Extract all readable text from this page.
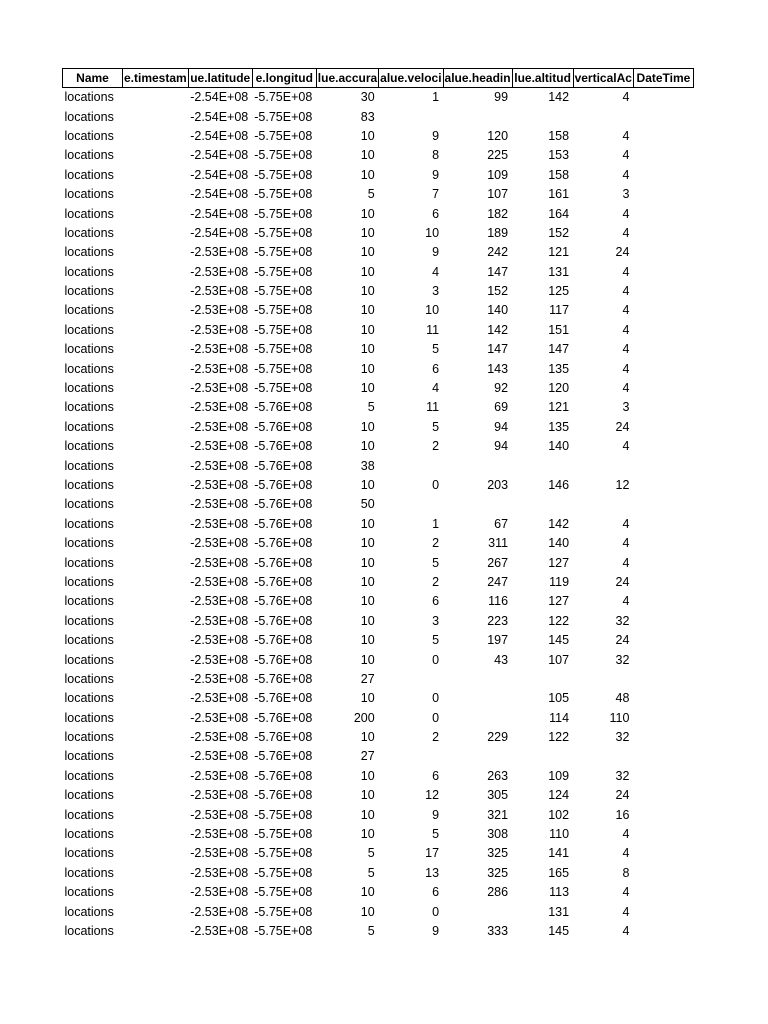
Name	e.timestam	ue.latitude	e.longitud	lue.accura	alue.veloci	alue.headin	lue.altitud	verticalAc	DateTime
locations		-2.54E+08	-5.75E+08	30	1	99	142	4	
locations		-2.54E+08	-5.75E+08	83					
locations		-2.54E+08	-5.75E+08	10	9	120	158	4	
locations		-2.54E+08	-5.75E+08	10	8	225	153	4	
locations		-2.54E+08	-5.75E+08	10	9	109	158	4	
locations		-2.54E+08	-5.75E+08	5	7	107	161	3	
locations		-2.54E+08	-5.75E+08	10	6	182	164	4	
locations		-2.54E+08	-5.75E+08	10	10	189	152	4	
locations		-2.53E+08	-5.75E+08	10	9	242	121	24	
locations		-2.53E+08	-5.75E+08	10	4	147	131	4	
locations		-2.53E+08	-5.75E+08	10	3	152	125	4	
locations		-2.53E+08	-5.75E+08	10	10	140	117	4	
locations		-2.53E+08	-5.75E+08	10	11	142	151	4	
locations		-2.53E+08	-5.75E+08	10	5	147	147	4	
locations		-2.53E+08	-5.75E+08	10	6	143	135	4	
locations		-2.53E+08	-5.75E+08	10	4	92	120	4	
locations		-2.53E+08	-5.76E+08	5	11	69	121	3	
locations		-2.53E+08	-5.76E+08	10	5	94	135	24	
locations		-2.53E+08	-5.76E+08	10	2	94	140	4	
locations		-2.53E+08	-5.76E+08	38					
locations		-2.53E+08	-5.76E+08	10	0	203	146	12	
locations		-2.53E+08	-5.76E+08	50					
locations		-2.53E+08	-5.76E+08	10	1	67	142	4	
locations		-2.53E+08	-5.76E+08	10	2	311	140	4	
locations		-2.53E+08	-5.76E+08	10	5	267	127	4	
locations		-2.53E+08	-5.76E+08	10	2	247	119	24	
locations		-2.53E+08	-5.76E+08	10	6	116	127	4	
locations		-2.53E+08	-5.76E+08	10	3	223	122	32	
locations		-2.53E+08	-5.76E+08	10	5	197	145	24	
locations		-2.53E+08	-5.76E+08	10	0	43	107	32	
locations		-2.53E+08	-5.76E+08	27					
locations		-2.53E+08	-5.76E+08	10	0		105	48	
locations		-2.53E+08	-5.76E+08	200	0		114	110	
locations		-2.53E+08	-5.76E+08	10	2	229	122	32	
locations		-2.53E+08	-5.76E+08	27					
locations		-2.53E+08	-5.76E+08	10	6	263	109	32	
locations		-2.53E+08	-5.76E+08	10	12	305	124	24	
locations		-2.53E+08	-5.75E+08	10	9	321	102	16	
locations		-2.53E+08	-5.75E+08	10	5	308	110	4	
locations		-2.53E+08	-5.75E+08	5	17	325	141	4	
locations		-2.53E+08	-5.75E+08	5	13	325	165	8	
locations		-2.53E+08	-5.75E+08	10	6	286	113	4	
locations		-2.53E+08	-5.75E+08	10	0		131	4	
locations		-2.53E+08	-5.75E+08	5	9	333	145	4	
